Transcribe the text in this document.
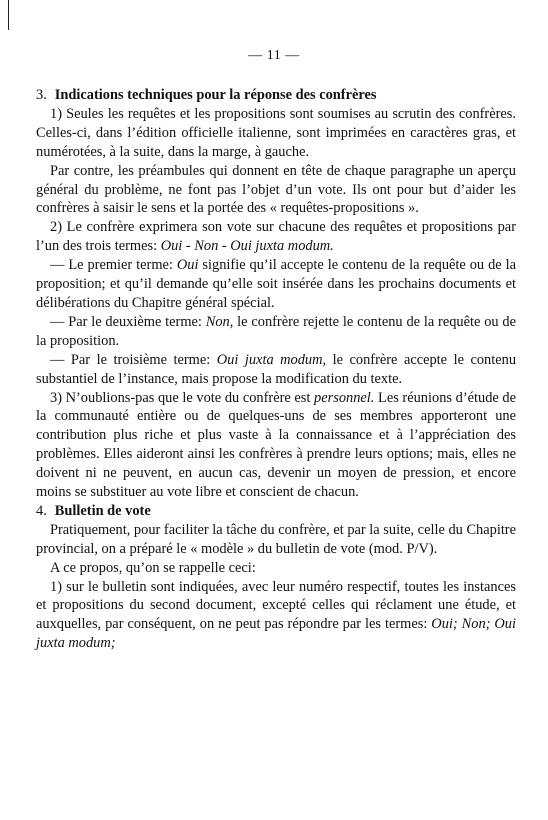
— 11 —

3. Indications techniques pour la réponse des confrères

1) Seules les requêtes et les propositions sont soumises au scrutin des confrères. Celles-ci, dans l’édition officielle italienne, sont imprimées en caractères gras, et numérotées, à la suite, dans la marge, à gauche.

Par contre, les préambules qui donnent en tête de chaque paragraphe un aperçu général du problème, ne font pas l’objet d’un vote. Ils ont pour but d’aider les confrères à saisir le sens et la portée des « requêtes-propositions ».

2) Le confrère exprimera son vote sur chacune des requêtes et propositions par l’un des trois termes: Oui - Non - Oui juxta modum.

— Le premier terme: Oui signifie qu’il accepte le contenu de la requête ou de la proposition; et qu’il demande qu’elle soit insérée dans les prochains documents et délibérations du Chapitre général spécial.

— Par le deuxième terme: Non, le confrère rejette le contenu de la requête ou de la proposition.

— Par le troisième terme: Oui juxta modum, le confrère accepte le contenu substantiel de l’instance, mais propose la modification du texte.

3) N’oublions-pas que le vote du confrère est personnel. Les réunions d’étude de la communauté entière ou de quelques-uns de ses membres apporteront une contribution plus riche et plus vaste à la connaissance et à l’appréciation des problèmes. Elles aideront ainsi les confrères à prendre leurs options; mais, elles ne doivent ni ne peuvent, en aucun cas, devenir un moyen de pression, et encore moins se substituer au vote libre et conscient de chacun.

4. Bulletin de vote

Pratiquement, pour faciliter la tâche du confrère, et par la suite, celle du Chapitre provincial, on a préparé le « modèle » du bulletin de vote (mod. P/V).

A ce propos, qu’on se rappelle ceci:

1) sur le bulletin sont indiquées, avec leur numéro respectif, toutes les instances et propositions du second document, excepté celles qui réclament une étude, et auxquelles, par conséquent, on ne peut pas répondre par les termes: Oui; Non; Oui juxta modum;
